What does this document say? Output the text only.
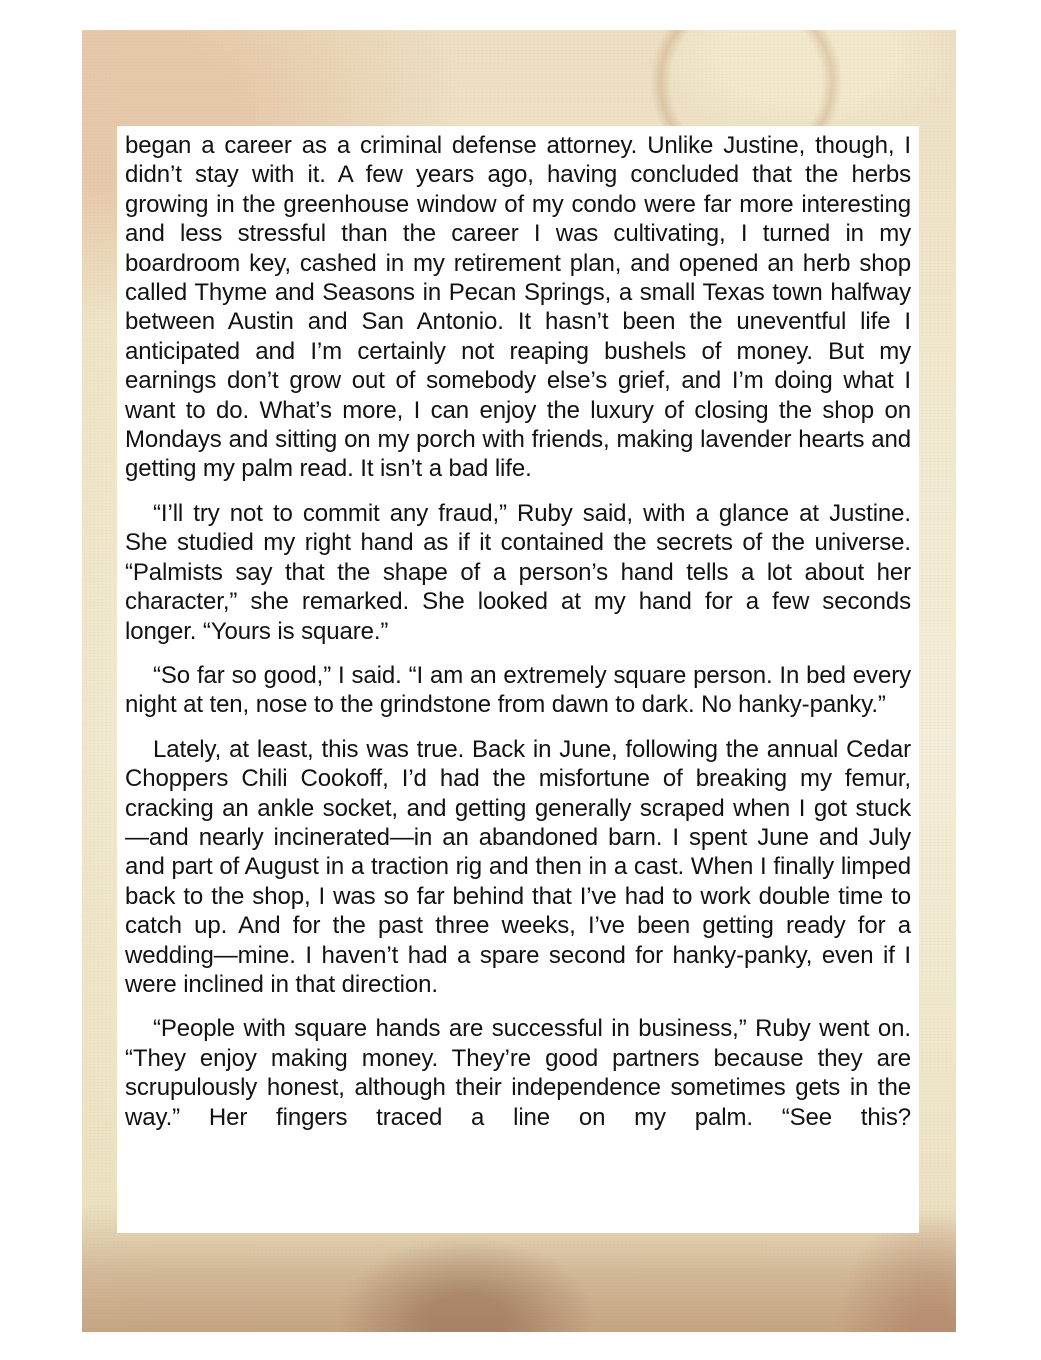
began a career as a criminal defense attorney. Unlike Justine, though, I didn’t stay with it. A few years ago, having concluded that the herbs growing in the greenhouse window of my condo were far more interesting and less stressful than the career I was cultivating, I turned in my boardroom key, cashed in my retirement plan, and opened an herb shop called Thyme and Seasons in Pecan Springs, a small Texas town halfway between Austin and San Antonio. It hasn’t been the uneventful life I anticipated and I’m certainly not reaping bushels of money. But my earnings don’t grow out of somebody else’s grief, and I’m doing what I want to do. What’s more, I can enjoy the luxury of closing the shop on Mondays and sitting on my porch with friends, making lavender hearts and getting my palm read. It isn’t a bad life.

“I’ll try not to commit any fraud,” Ruby said, with a glance at Justine. She studied my right hand as if it contained the secrets of the universe. “Palmists say that the shape of a person’s hand tells a lot about her character,” she remarked. She looked at my hand for a few seconds longer. “Yours is square.”

“So far so good,” I said. “I am an extremely square person. In bed every night at ten, nose to the grindstone from dawn to dark. No hanky-panky.”

Lately, at least, this was true. Back in June, following the annual Cedar Choppers Chili Cookoff, I’d had the misfortune of breaking my femur, cracking an ankle socket, and getting generally scraped when I got stuck—and nearly incinerated—in an abandoned barn. I spent June and July and part of August in a traction rig and then in a cast. When I finally limped back to the shop, I was so far behind that I’ve had to work double time to catch up. And for the past three weeks, I’ve been getting ready for a wedding—mine. I haven’t had a spare second for hanky-panky, even if I were inclined in that direction.

“People with square hands are successful in business,” Ruby went on. “They enjoy making money. They’re good partners because they are scrupulously honest, although their independence sometimes gets in the way.” Her fingers traced a line on my palm. “See this?
